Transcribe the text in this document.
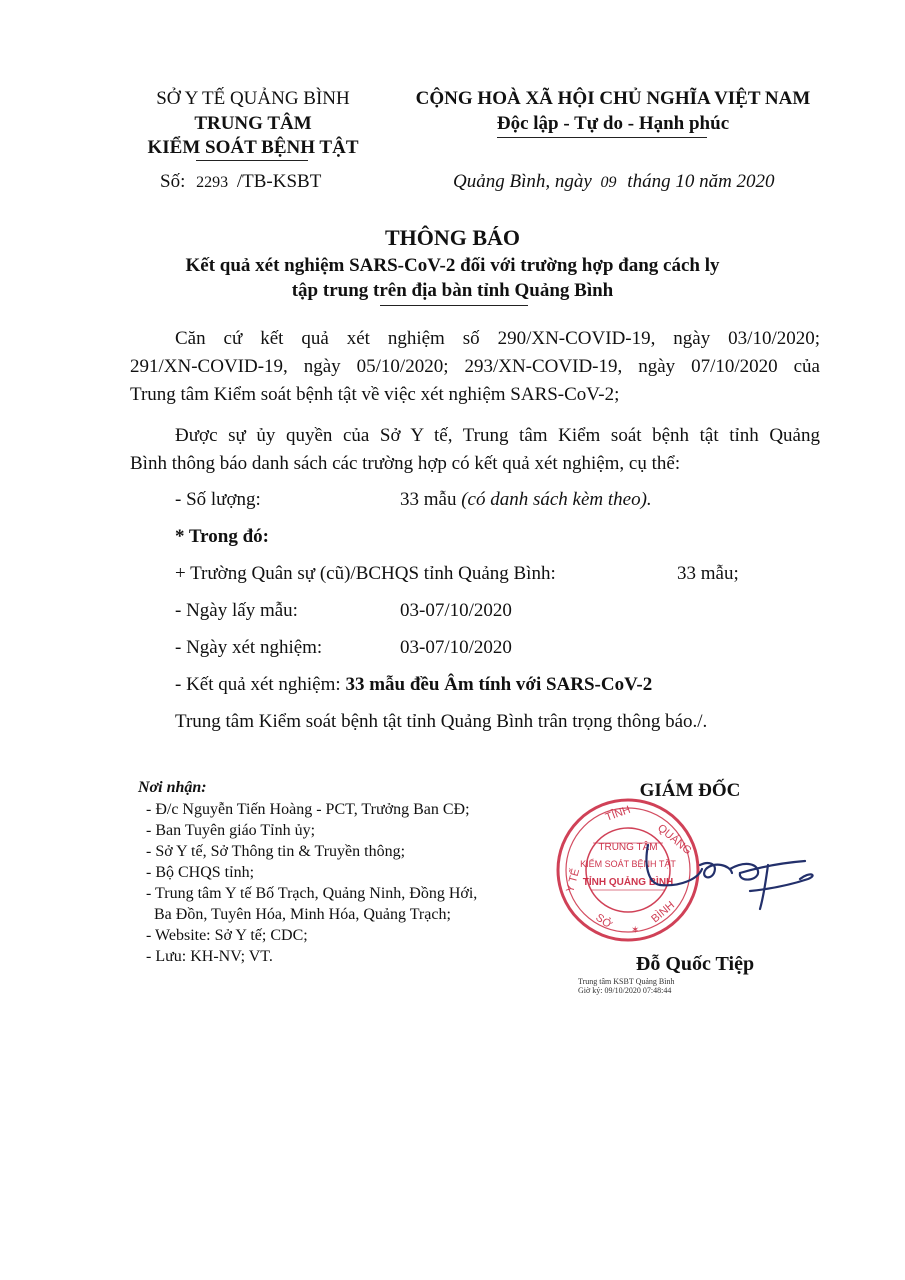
SỞ Y TẾ QUẢNG BÌNH
TRUNG TÂM
KIỂM SOÁT BỆNH TẬT
Số: 2293 /TB-KSBT
CỘNG HOÀ XÃ HỘI CHỦ NGHĨA VIỆT NAM
Độc lập - Tự do - Hạnh phúc
Quảng Bình, ngày 09 tháng 10 năm 2020
THÔNG BÁO
Kết quả xét nghiệm SARS-CoV-2 đối với trường hợp đang cách ly
tập trung trên địa bàn tỉnh Quảng Bình
Căn cứ kết quả xét nghiệm số 290/XN-COVID-19, ngày 03/10/2020;
291/XN-COVID-19, ngày 05/10/2020; 293/XN-COVID-19, ngày 07/10/2020 của
Trung tâm Kiểm soát bệnh tật về việc xét nghiệm SARS-CoV-2;
Được sự ủy quyền của Sở Y tế, Trung tâm Kiểm soát bệnh tật tỉnh Quảng
Bình thông báo danh sách các trường hợp có kết quả xét nghiệm, cụ thể:
- Số lượng:	33 mẫu (có danh sách kèm theo).
* Trong đó:
+ Trường Quân sự (cũ)/BCHQS tỉnh Quảng Bình:	33 mẫu;
- Ngày lấy mẫu:	03-07/10/2020
- Ngày xét nghiệm:	03-07/10/2020
- Kết quả xét nghiệm: 33 mẫu đều Âm tính với SARS-CoV-2
Trung tâm Kiểm soát bệnh tật tỉnh Quảng Bình trân trọng thông báo./.
Nơi nhận:
- Đ/c Nguyễn Tiến Hoàng - PCT, Trưởng Ban CĐ;
- Ban Tuyên giáo Tỉnh ủy;
- Sở Y tế, Sở Thông tin & Truyền thông;
- Bộ CHQS tỉnh;
- Trung tâm Y tế Bố Trạch, Quảng Ninh, Đồng Hới,
Ba Đồn, Tuyên Hóa, Minh Hóa, Quảng Trạch;
- Website: Sở Y tế; CDC;
- Lưu: KH-NV; VT.
GIÁM ĐỐC
TỈNH
QUẢNG
Y TẾ
BÌNH
SỞ ✶
TRUNG TÂM
KIỂM SOÁT BỆNH TẬT
TỈNH QUẢNG BÌNH
Đỗ Quốc Tiệp
Trung tâm KSBT Quảng Bình
Giờ ký: 09/10/2020 07:48:44
